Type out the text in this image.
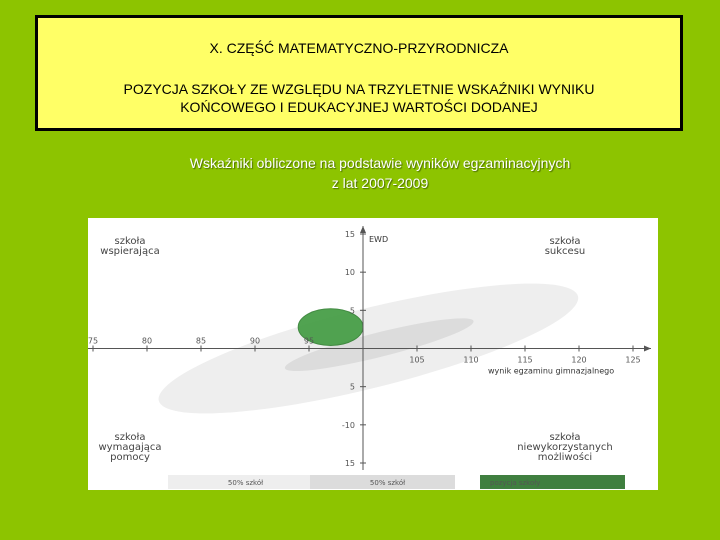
X. CZĘŚĆ MATEMATYCZNO-PRZYRODNICZA
POZYCJA SZKOŁY ZE WZGLĘDU NA TRZYLETNIE WSKAŹNIKI WYNIKU
KOŃCOWEGO I EDUKACYJNEJ WARTOŚCI DODANEJ
Wskaźniki obliczone na podstawie wyników egzaminacyjnych
z lat 2007-2009
75	80	85	90	95
105	110	115	120	125
15
10
5
5
-10
15
EWD
wynik egzaminu gimnazjalnego
szkoła
wspierająca
szkoła
sukcesu
szkoła
wymagająca
pomocy
szkoła
niewykorzystanych
możliwości
50% szkół	50% szkół	pozycja szkoły
